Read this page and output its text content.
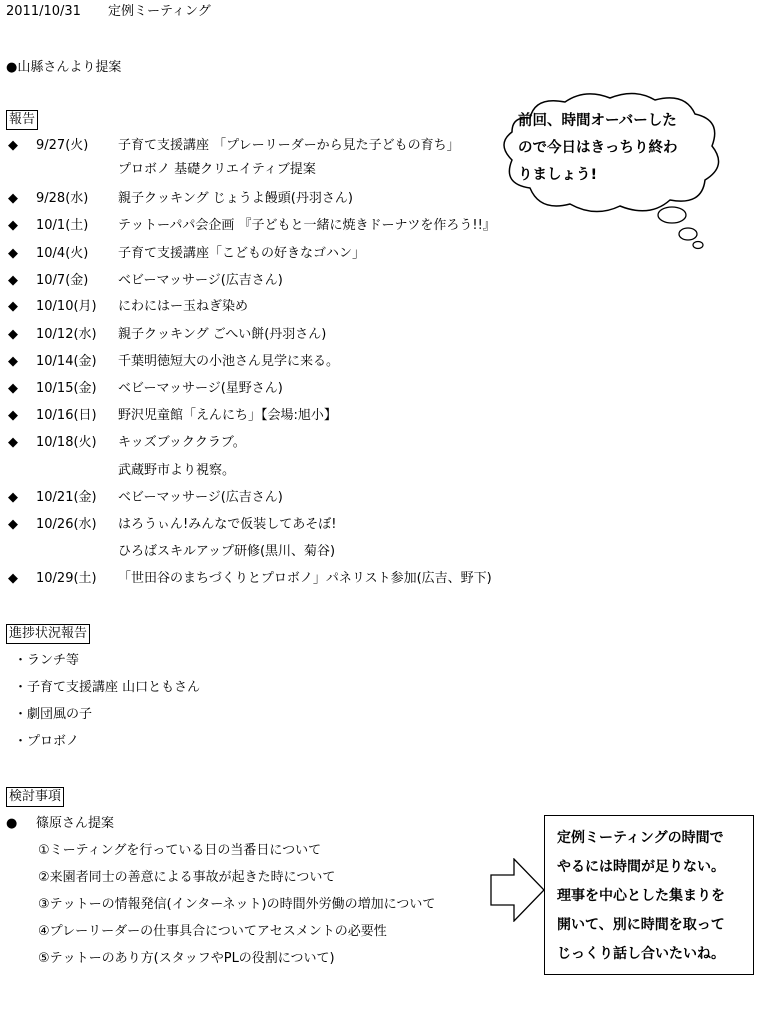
2011/10/31 定例ミーティング
●山縣さんより提案
報告
◆ 9/27(火) 子育て支援講座 「プレーリーダーから見た子どもの育ち」
プロボノ 基礎クリエイティブ提案
◆ 9/28(水) 親子クッキング じょうよ饅頭(丹羽さん)
◆ 10/1(土) テットーパパ会企画 『子どもと一緒に焼きドーナツを作ろう!!』
◆ 10/4(火) 子育て支援講座「こどもの好きなゴハン」
◆ 10/7(金) ベビーマッサージ(広吉さん)
◆ 10/10(月) にわにはー玉ねぎ染め
◆ 10/12(水) 親子クッキング ごへい餅(丹羽さん)
◆ 10/14(金) 千葉明徳短大の小池さん見学に来る。
◆ 10/15(金) ベビーマッサージ(星野さん)
◆ 10/16(日) 野沢児童館「えんにち」【会場:旭小】
◆ 10/18(火) キッズブッククラブ。
武蔵野市より視察。
◆ 10/21(金) ベビーマッサージ(広吉さん)
◆ 10/26(水) はろうぃん!みんなで仮装してあそぼ!
ひろばスキルアップ研修(黒川、菊谷)
◆ 10/29(土) 「世田谷のまちづくりとプロボノ」パネリスト参加(広吉、野下)
進捗状況報告
・ランチ等
・子育て支援講座 山口ともさん
・劇団風の子
・プロボノ
検討事項
● 篠原さん提案
①ミーティングを行っている日の当番日について
②来園者同士の善意による事故が起きた時について
③テットーの情報発信(インターネット)の時間外労働の増加について
④プレーリーダーの仕事具合についてアセスメントの必要性
⑤テットーのあり方(スタッフやPLの役割について)
前回、時間オーバーした
ので今日はきっちり終わ
りましょう!
定例ミーティングの時間で
やるには時間が足りない。
理事を中心とした集まりを
開いて、別に時間を取って
じっくり話し合いたいね。
